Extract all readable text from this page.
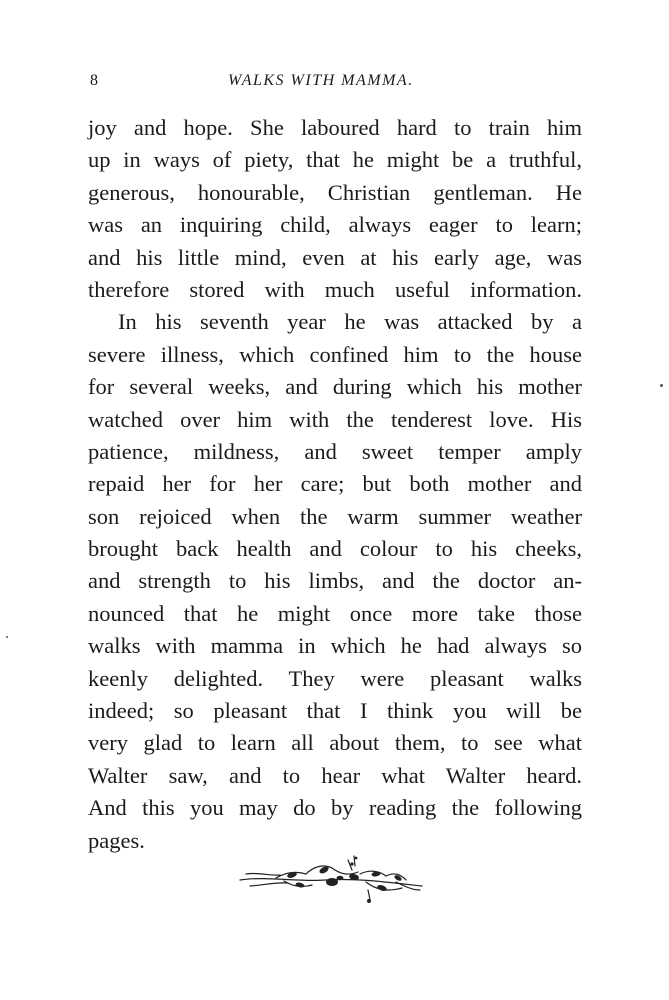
8	WALKS WITH MAMMA.
joy and hope. She laboured hard to train him
up in ways of piety, that he might be a truthful,
generous, honourable, Christian gentleman. He
was an inquiring child, always eager to learn;
and his little mind, even at his early age, was
therefore stored with much useful information.
In his seventh year he was attacked by a
severe illness, which confined him to the house
for several weeks, and during which his mother
watched over him with the tenderest love. His
patience, mildness, and sweet temper amply
repaid her for her care; but both mother and
son rejoiced when the warm summer weather
brought back health and colour to his cheeks,
and strength to his limbs, and the doctor an-
nounced that he might once more take those
walks with mamma in which he had always so
keenly delighted. They were pleasant walks
indeed; so pleasant that I think you will be
very glad to learn all about them, to see what
Walter saw, and to hear what Walter heard.
And this you may do by reading the following
pages.
